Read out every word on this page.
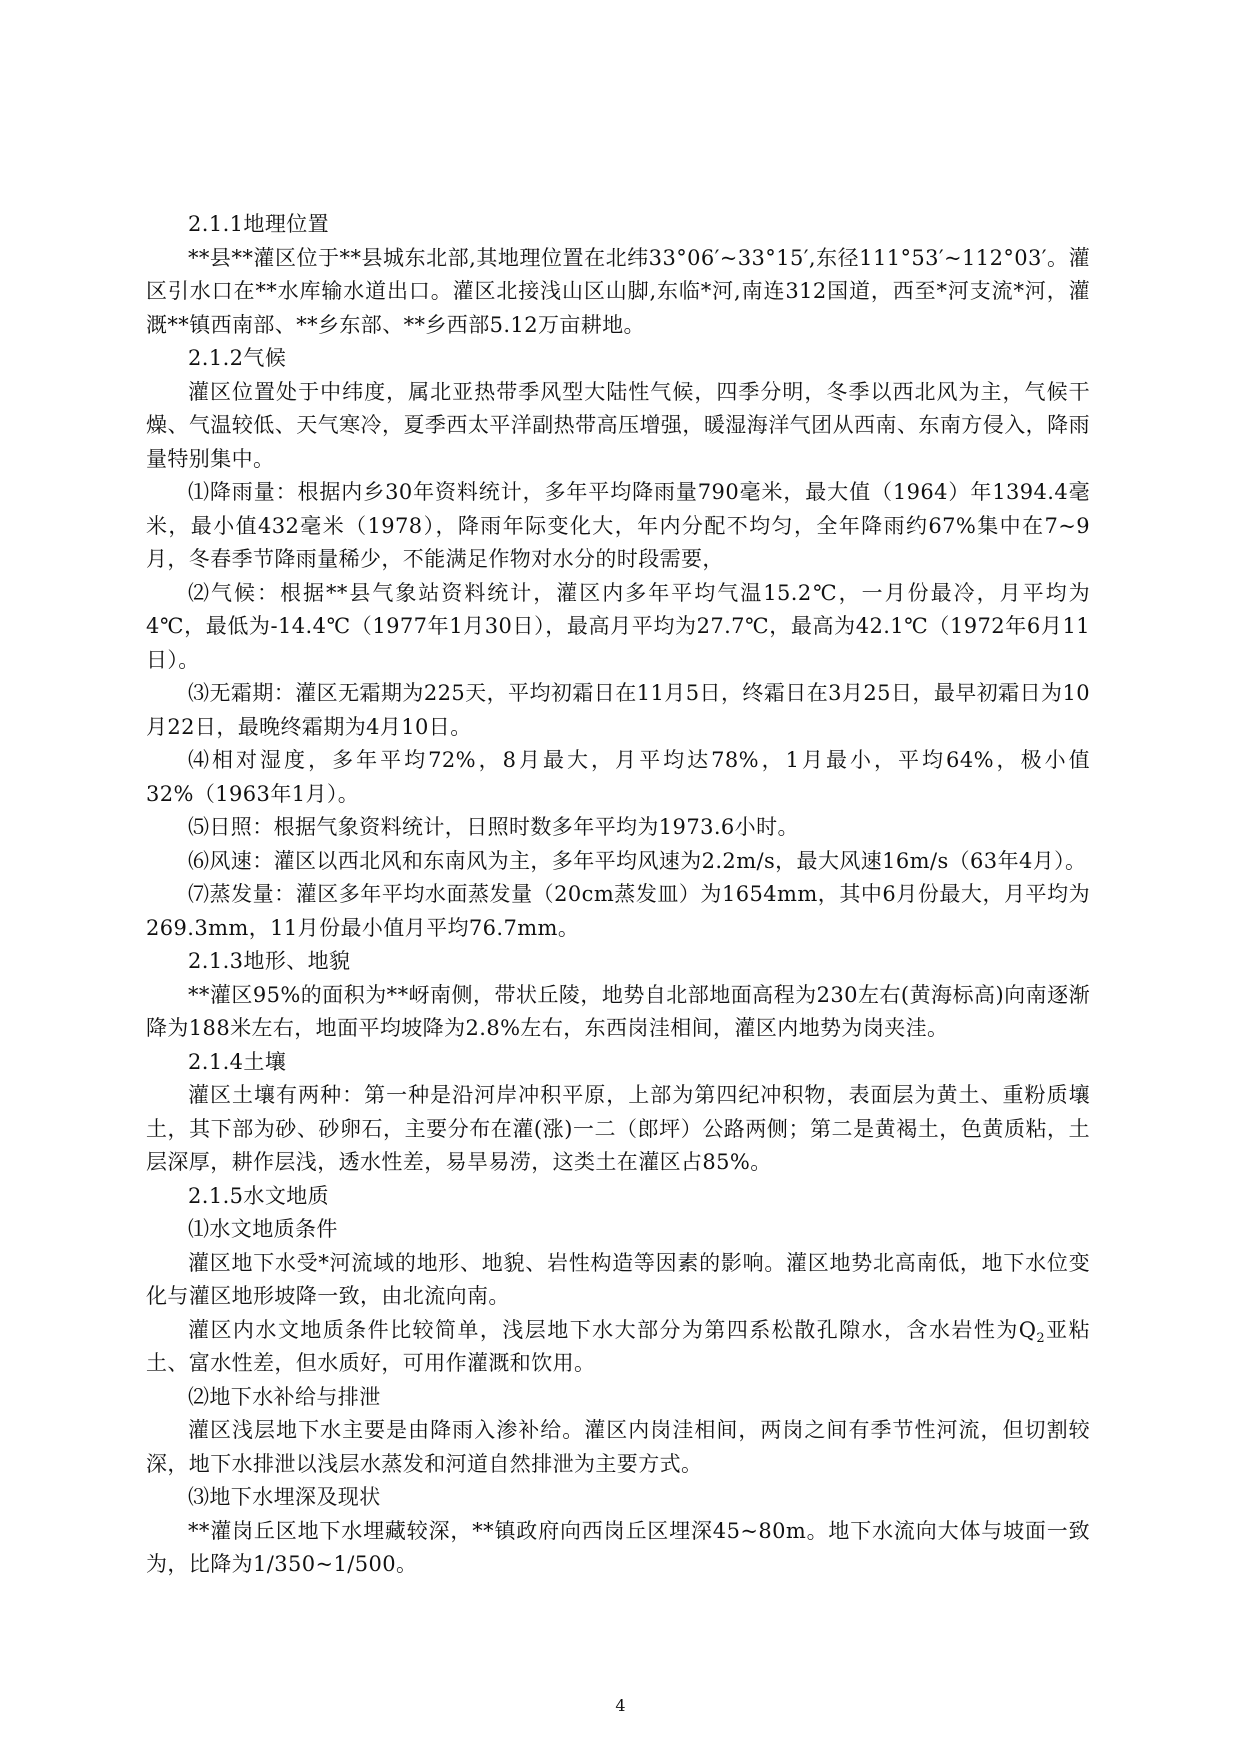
2.1.1地理位置

**县**灌区位于**县城东北部,其地理位置在北纬33°06′~33°15′,东径111°53′~112°03′。灌区引水口在**水库输水道出口。灌区北接浅山区山脚,东临*河,南连312国道，西至*河支流*河，灌溉**镇西南部、**乡东部、**乡西部5.12万亩耕地。

2.1.2气候

灌区位置处于中纬度，属北亚热带季风型大陆性气候，四季分明，冬季以西北风为主，气候干燥、气温较低、天气寒冷，夏季西太平洋副热带高压增强，暖湿海洋气团从西南、东南方侵入，降雨量特别集中。

⑴降雨量：根据内乡30年资料统计，多年平均降雨量790毫米，最大值（1964）年1394.4毫米，最小值432毫米（1978），降雨年际变化大，年内分配不均匀，全年降雨约67%集中在7~9月，冬春季节降雨量稀少，不能满足作物对水分的时段需要，

⑵气候：根据**县气象站资料统计，灌区内多年平均气温15.2℃，一月份最冷，月平均为4℃，最低为-14.4℃（1977年1月30日），最高月平均为27.7℃，最高为42.1℃（1972年6月11日）。

⑶无霜期：灌区无霜期为225天，平均初霜日在11月5日，终霜日在3月25日，最早初霜日为10月22日，最晚终霜期为4月10日。

⑷相对湿度，多年平均72%，8月最大，月平均达78%，1月最小，平均64%，极小值32%（1963年1月）。

⑸日照：根据气象资料统计，日照时数多年平均为1973.6小时。

⑹风速：灌区以西北风和东南风为主，多年平均风速为2.2m/s，最大风速16m/s（63年4月）。

⑺蒸发量：灌区多年平均水面蒸发量（20cm蒸发皿）为1654mm，其中6月份最大，月平均为269.3mm，11月份最小值月平均76.7mm。

2.1.3地形、地貌

**灌区95%的面积为**岈南侧，带状丘陵，地势自北部地面高程为230左右(黄海标高)向南逐渐降为188米左右，地面平均坡降为2.8%左右，东西岗洼相间，灌区内地势为岗夹洼。

2.1.4土壤

灌区土壤有两种：第一种是沿河岸冲积平原，上部为第四纪冲积物，表面层为黄土、重粉质壤土，其下部为砂、砂卵石，主要分布在灌(涨)一二（郎坪）公路两侧；第二是黄褐土，色黄质粘，土层深厚，耕作层浅，透水性差，易旱易涝，这类土在灌区占85%。

2.1.5水文地质

⑴水文地质条件

灌区地下水受*河流域的地形、地貌、岩性构造等因素的影响。灌区地势北高南低，地下水位变化与灌区地形坡降一致，由北流向南。

灌区内水文地质条件比较简单，浅层地下水大部分为第四系松散孔隙水，含水岩性为$Q_2$亚粘土、富水性差，但水质好，可用作灌溉和饮用。

⑵地下水补给与排泄

灌区浅层地下水主要是由降雨入渗补给。灌区内岗洼相间，两岗之间有季节性河流，但切割较深，地下水排泄以浅层水蒸发和河道自然排泄为主要方式。

⑶地下水埋深及现状

**灌岗丘区地下水埋藏较深，**镇政府向西岗丘区埋深45~80m。地下水流向大体与坡面一致为，比降为1/350~1/500。

4
